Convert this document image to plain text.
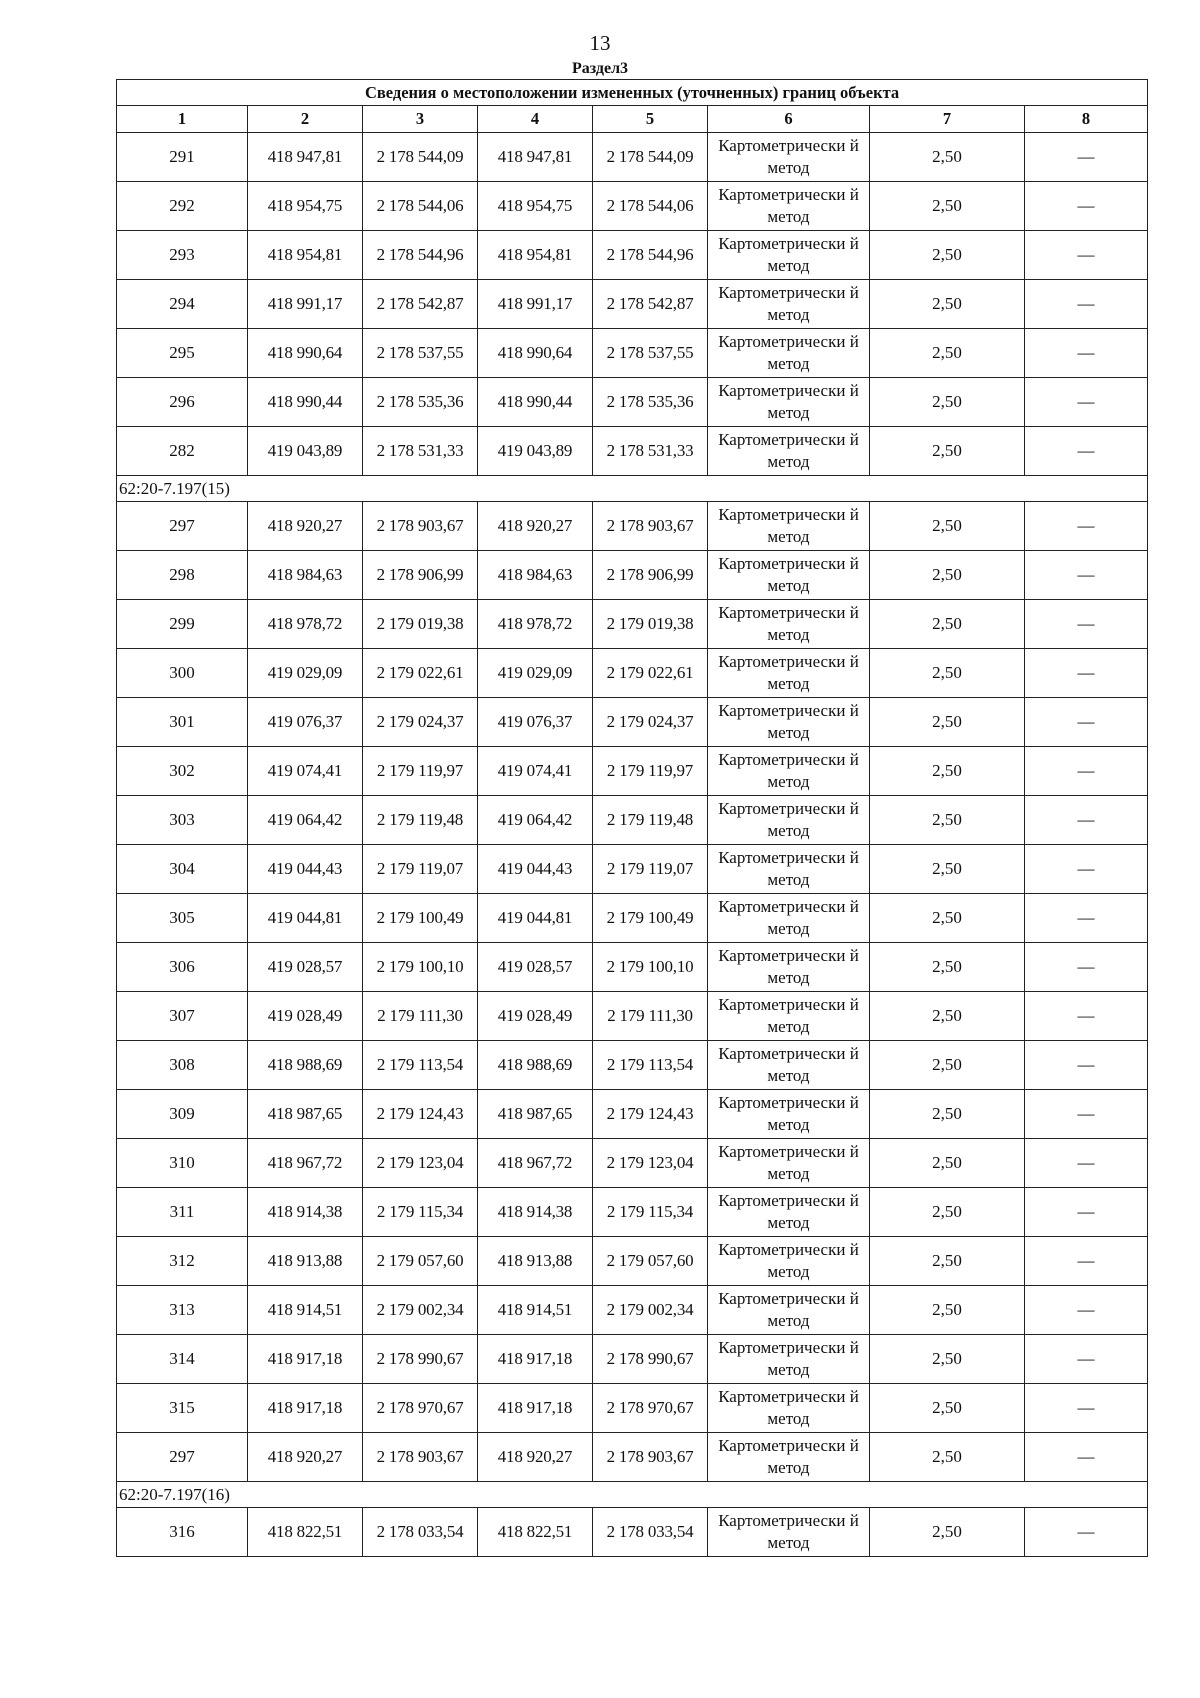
13
Раздел3
Сведения о местоположении измененных (уточненных) границ объекта							
1	2	3	4	5	6	7	8
291	418 947,81	2 178 544,09	418 947,81	2 178 544,09	Картометрически й метод	2,50	—
292	418 954,75	2 178 544,06	418 954,75	2 178 544,06	Картометрически й метод	2,50	—
293	418 954,81	2 178 544,96	418 954,81	2 178 544,96	Картометрически й метод	2,50	—
294	418 991,17	2 178 542,87	418 991,17	2 178 542,87	Картометрически й метод	2,50	—
295	418 990,64	2 178 537,55	418 990,64	2 178 537,55	Картометрически й метод	2,50	—
296	418 990,44	2 178 535,36	418 990,44	2 178 535,36	Картометрически й метод	2,50	—
282	419 043,89	2 178 531,33	419 043,89	2 178 531,33	Картометрически й метод	2,50	—
62:20-7.197(15)							
297	418 920,27	2 178 903,67	418 920,27	2 178 903,67	Картометрически й метод	2,50	—
298	418 984,63	2 178 906,99	418 984,63	2 178 906,99	Картометрически й метод	2,50	—
299	418 978,72	2 179 019,38	418 978,72	2 179 019,38	Картометрически й метод	2,50	—
300	419 029,09	2 179 022,61	419 029,09	2 179 022,61	Картометрически й метод	2,50	—
301	419 076,37	2 179 024,37	419 076,37	2 179 024,37	Картометрически й метод	2,50	—
302	419 074,41	2 179 119,97	419 074,41	2 179 119,97	Картометрически й метод	2,50	—
303	419 064,42	2 179 119,48	419 064,42	2 179 119,48	Картометрически й метод	2,50	—
304	419 044,43	2 179 119,07	419 044,43	2 179 119,07	Картометрически й метод	2,50	—
305	419 044,81	2 179 100,49	419 044,81	2 179 100,49	Картометрически й метод	2,50	—
306	419 028,57	2 179 100,10	419 028,57	2 179 100,10	Картометрически й метод	2,50	—
307	419 028,49	2 179 111,30	419 028,49	2 179 111,30	Картометрически й метод	2,50	—
308	418 988,69	2 179 113,54	418 988,69	2 179 113,54	Картометрически й метод	2,50	—
309	418 987,65	2 179 124,43	418 987,65	2 179 124,43	Картометрически й метод	2,50	—
310	418 967,72	2 179 123,04	418 967,72	2 179 123,04	Картометрически й метод	2,50	—
311	418 914,38	2 179 115,34	418 914,38	2 179 115,34	Картометрически й метод	2,50	—
312	418 913,88	2 179 057,60	418 913,88	2 179 057,60	Картометрически й метод	2,50	—
313	418 914,51	2 179 002,34	418 914,51	2 179 002,34	Картометрически й метод	2,50	—
314	418 917,18	2 178 990,67	418 917,18	2 178 990,67	Картометрически й метод	2,50	—
315	418 917,18	2 178 970,67	418 917,18	2 178 970,67	Картометрически й метод	2,50	—
297	418 920,27	2 178 903,67	418 920,27	2 178 903,67	Картометрически й метод	2,50	—
62:20-7.197(16)							
316	418 822,51	2 178 033,54	418 822,51	2 178 033,54	Картометрически й метод	2,50	—
